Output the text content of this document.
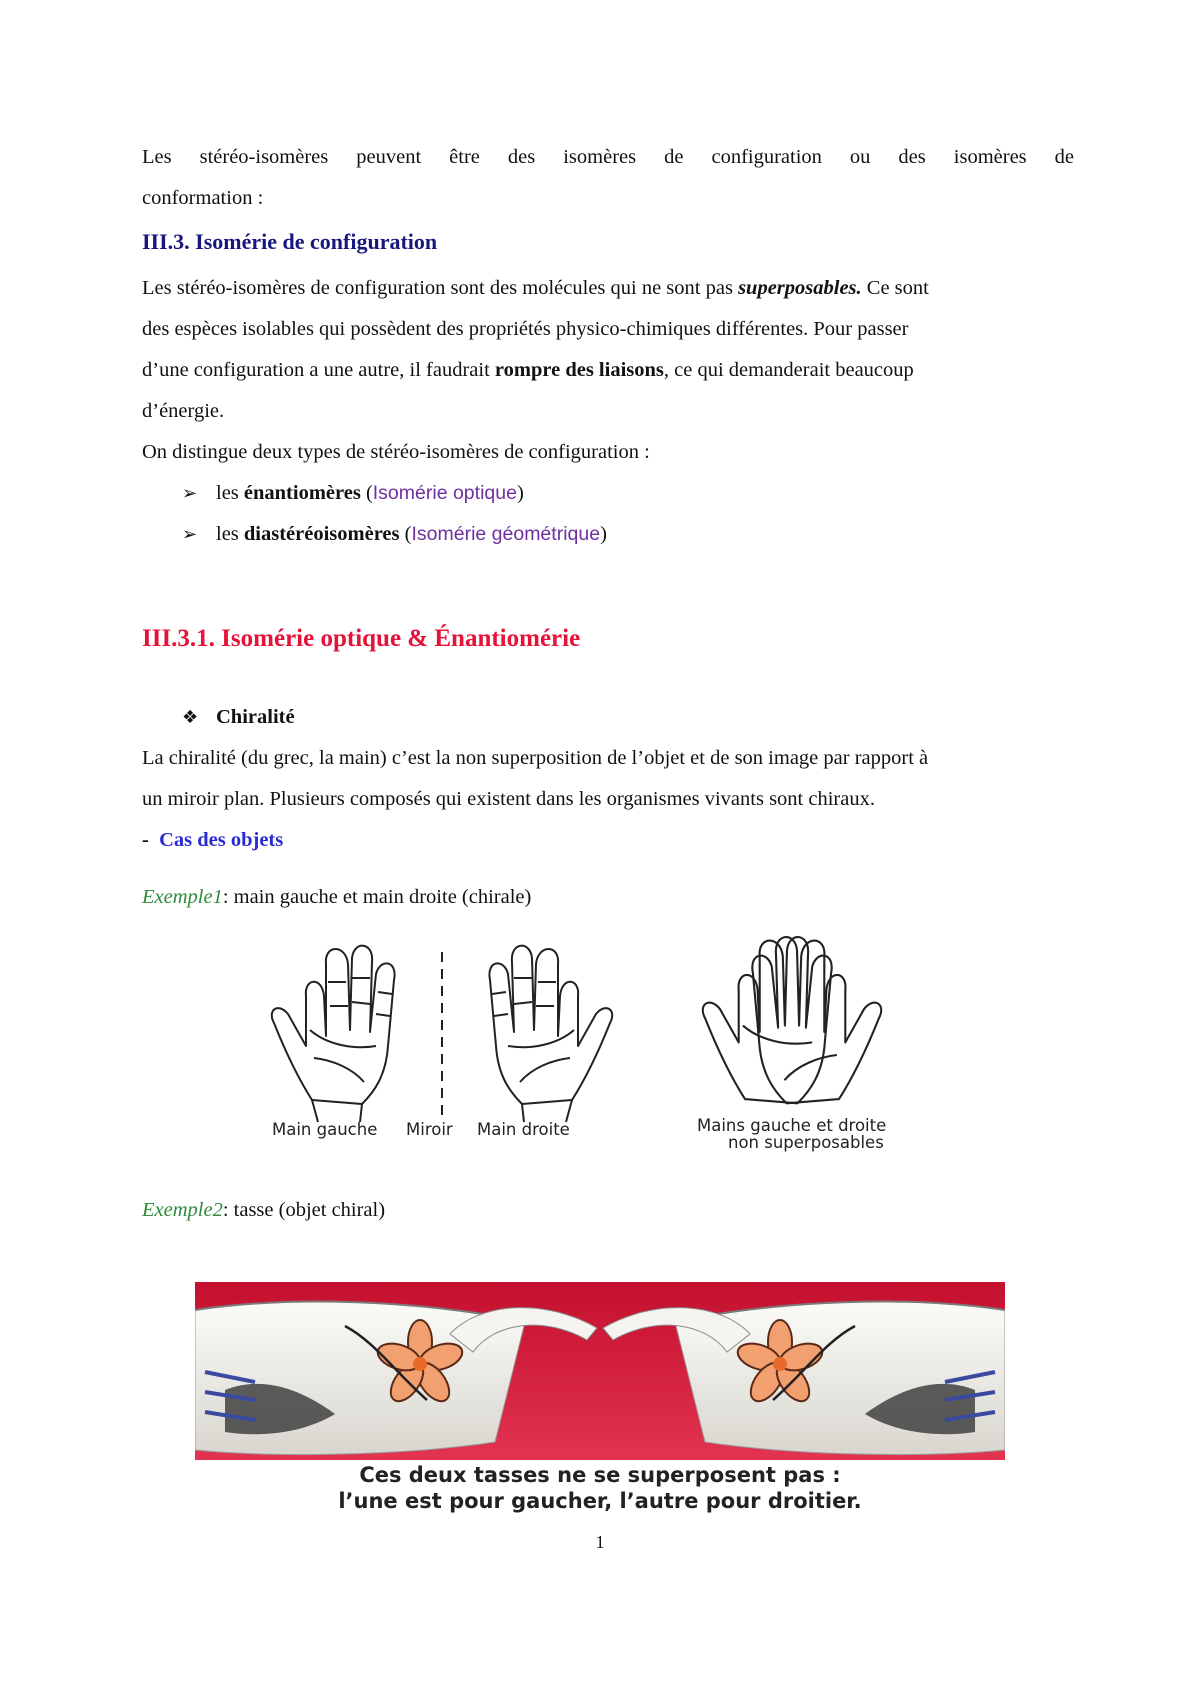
Les stéréo-isomères peuvent être des isomères de configuration ou des isomères de

conformation :

III.3. Isomérie de configuration

Les stéréo-isomères de configuration sont des molécules qui ne sont pas superposables. Ce sont

des espèces isolables qui possèdent des propriétés physico-chimiques différentes. Pour passer

d’une configuration a une autre, il faudrait rompre des liaisons, ce qui demanderait beaucoup

d’énergie.

On distingue deux types de stéréo-isomères de configuration :

➢ les énantiomères (Isomérie optique)
➢ les diastéréoisomères (Isomérie géométrique)
III.3.1. Isomérie optique & Énantiomérie
❖ Chiralité

La chiralité (du grec, la main) c’est la non superposition de l’objet et de son image par rapport à

un miroir plan. Plusieurs composés qui existent dans les organismes vivants sont chiraux.

- Cas des objets

Exemple1: main gauche et main droite (chirale)

Main gauche Miroir Main droite	Mains gauche et droite
non superposables

Exemple2: tasse (objet chiral)

Ces deux tasses ne se superposent pas :
l’une est pour gaucher, l’autre pour droitier.
1
